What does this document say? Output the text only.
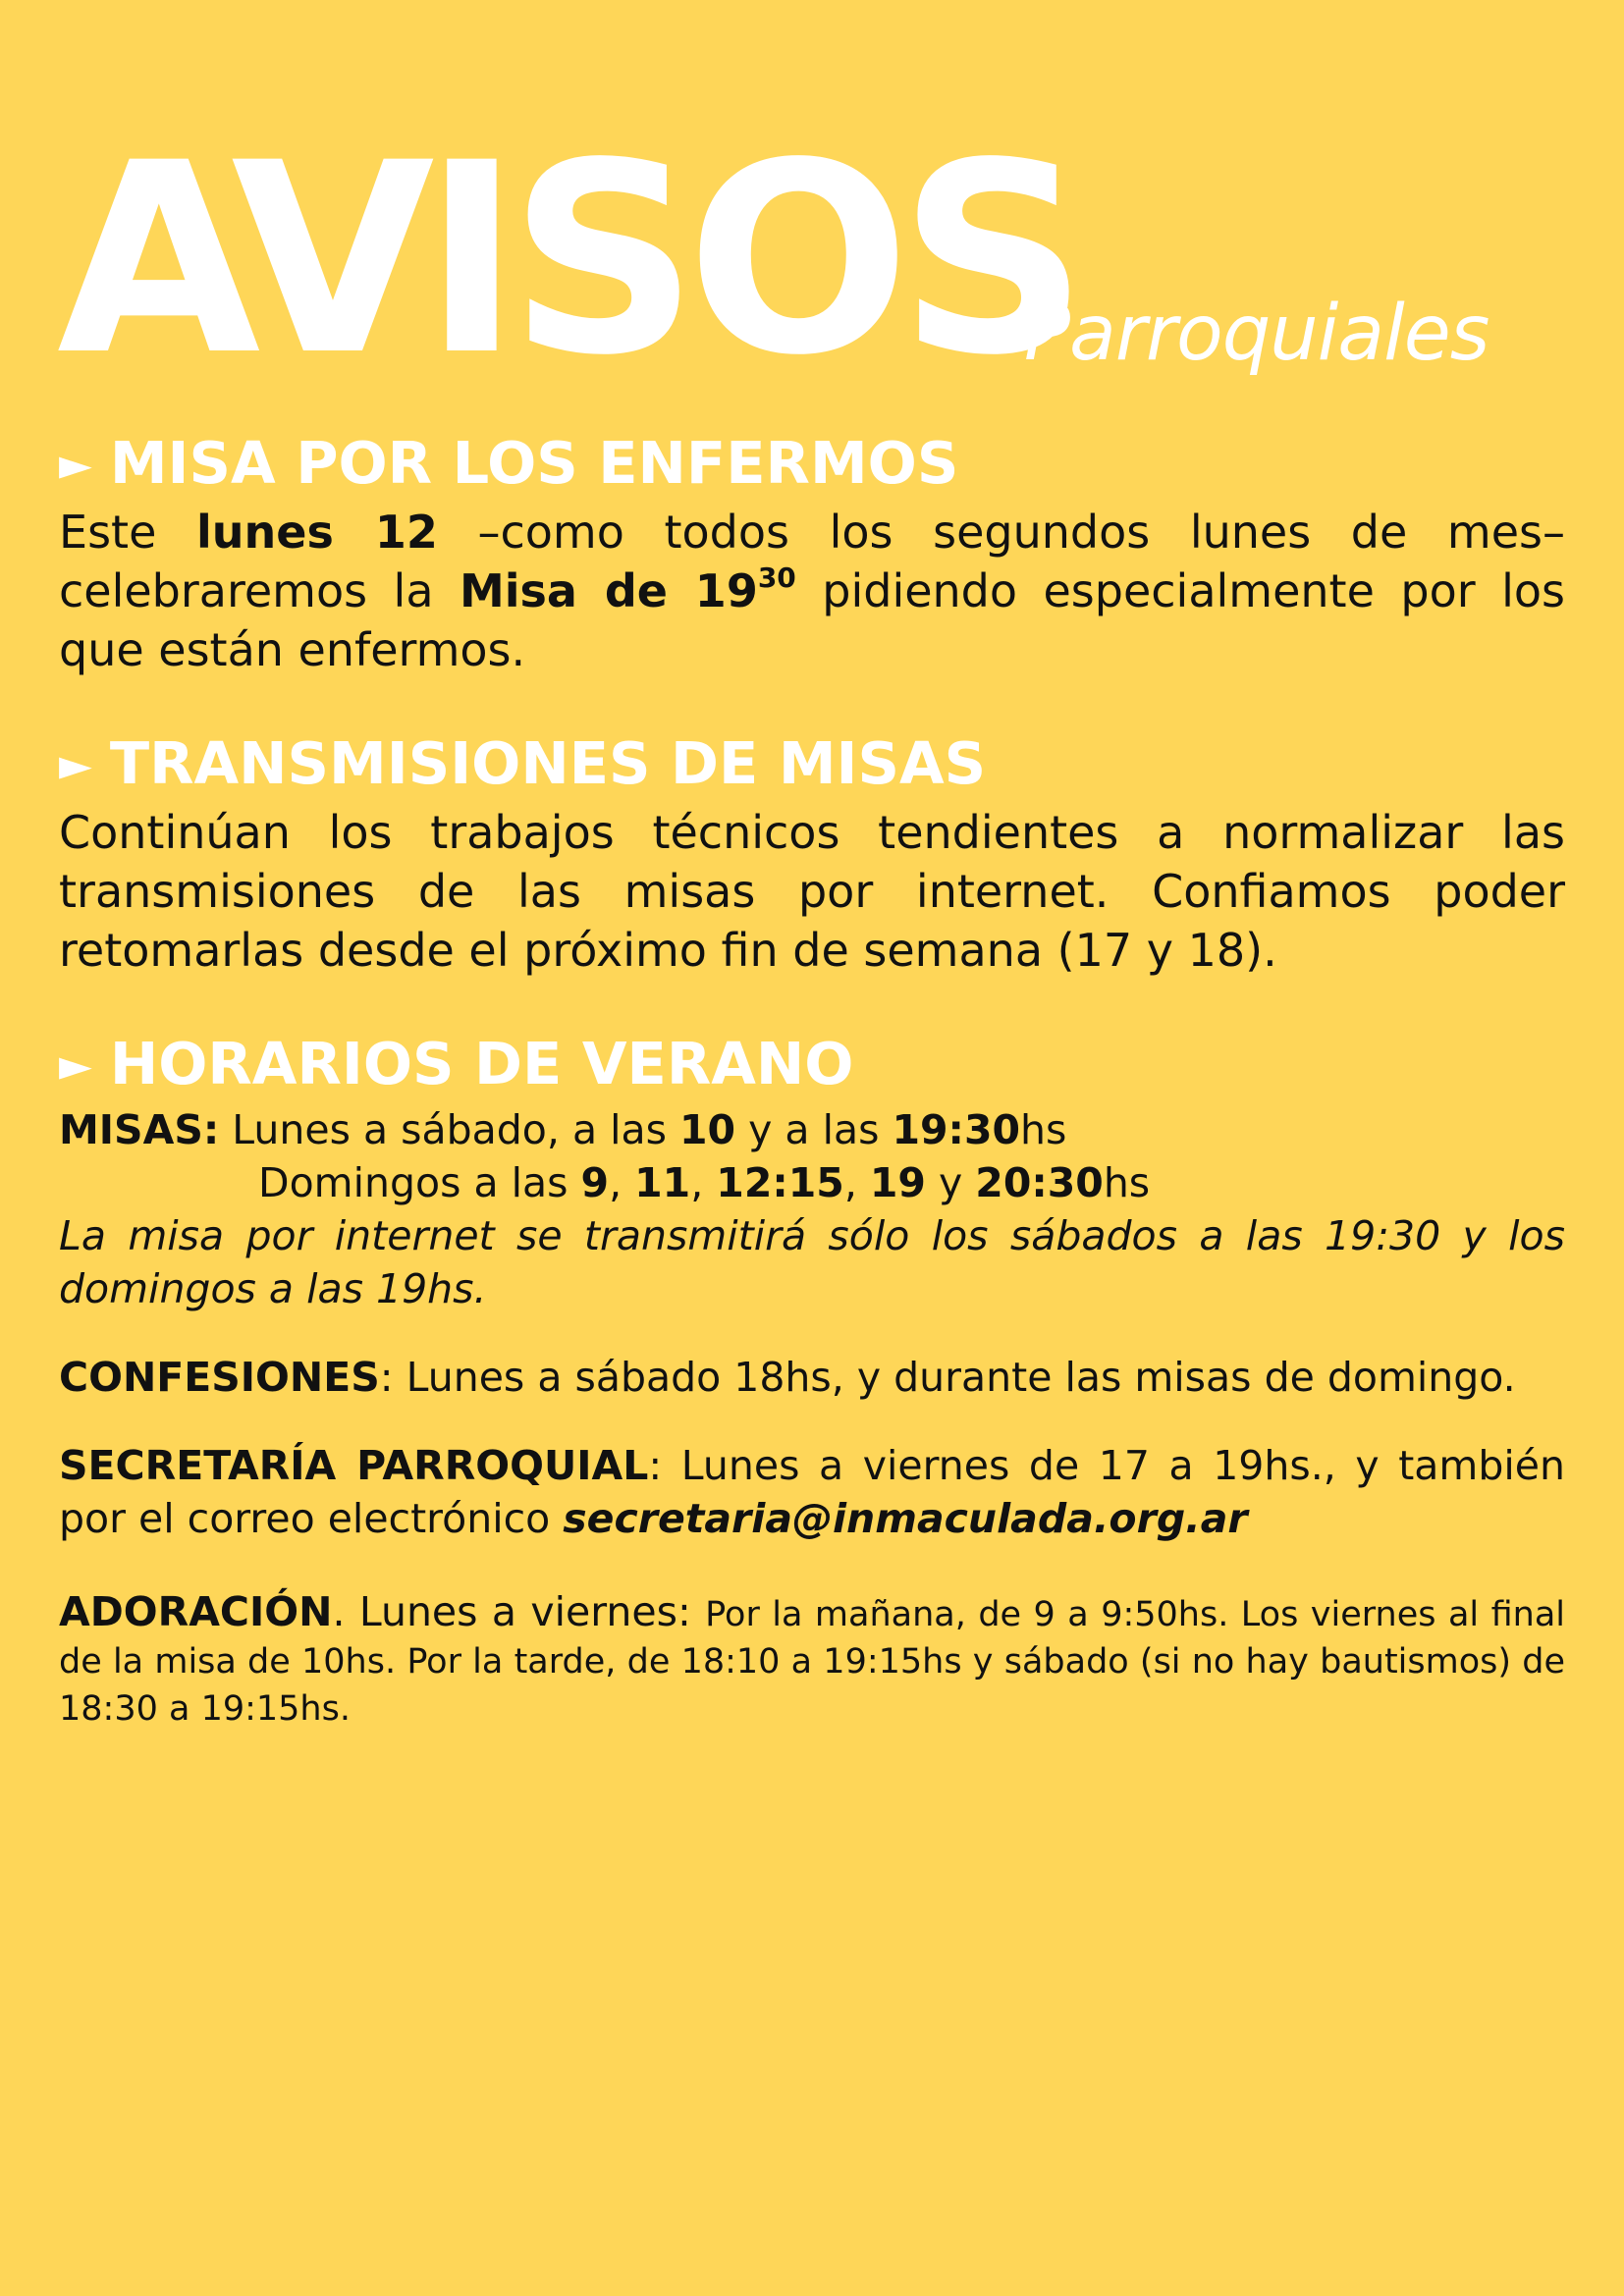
AVISOS
Parroquiales
► MISA POR LOS ENFERMOS

Este lunes 12 –como todos los segundos lunes de mes– celebraremos la Misa de $19^{30}$ pidiendo especialmente por los que están enfermos.

► TRANSMISIONES DE MISAS

Continúan los trabajos técnicos tendientes a normalizar las transmisiones de las misas por internet. Confiamos poder retomarlas desde el próximo fin de semana (17 y 18).

► HORARIOS DE VERANO
MISAS: Lunes a sábado, a las 10 y a las 19:30hs
Domingos a las 9, 11, 12:15, 19 y 20:30hs

La misa por internet se transmitirá sólo los sábados a las 19:30 y los domingos a las 19hs.

CONFESIONES: Lunes a sábado 18hs, y durante las misas de domingo.

SECRETARÍA PARROQUIAL: Lunes a viernes de 17 a 19hs., y también por el correo electrónico secretaria@inmaculada.org.ar

ADORACIÓN. Lunes a viernes: Por la mañana, de 9 a 9:50hs. Los viernes al final de la misa de 10hs. Por la tarde, de 18:10 a 19:15hs y sábado (si no hay bautismos) de 18:30 a 19:15hs.
